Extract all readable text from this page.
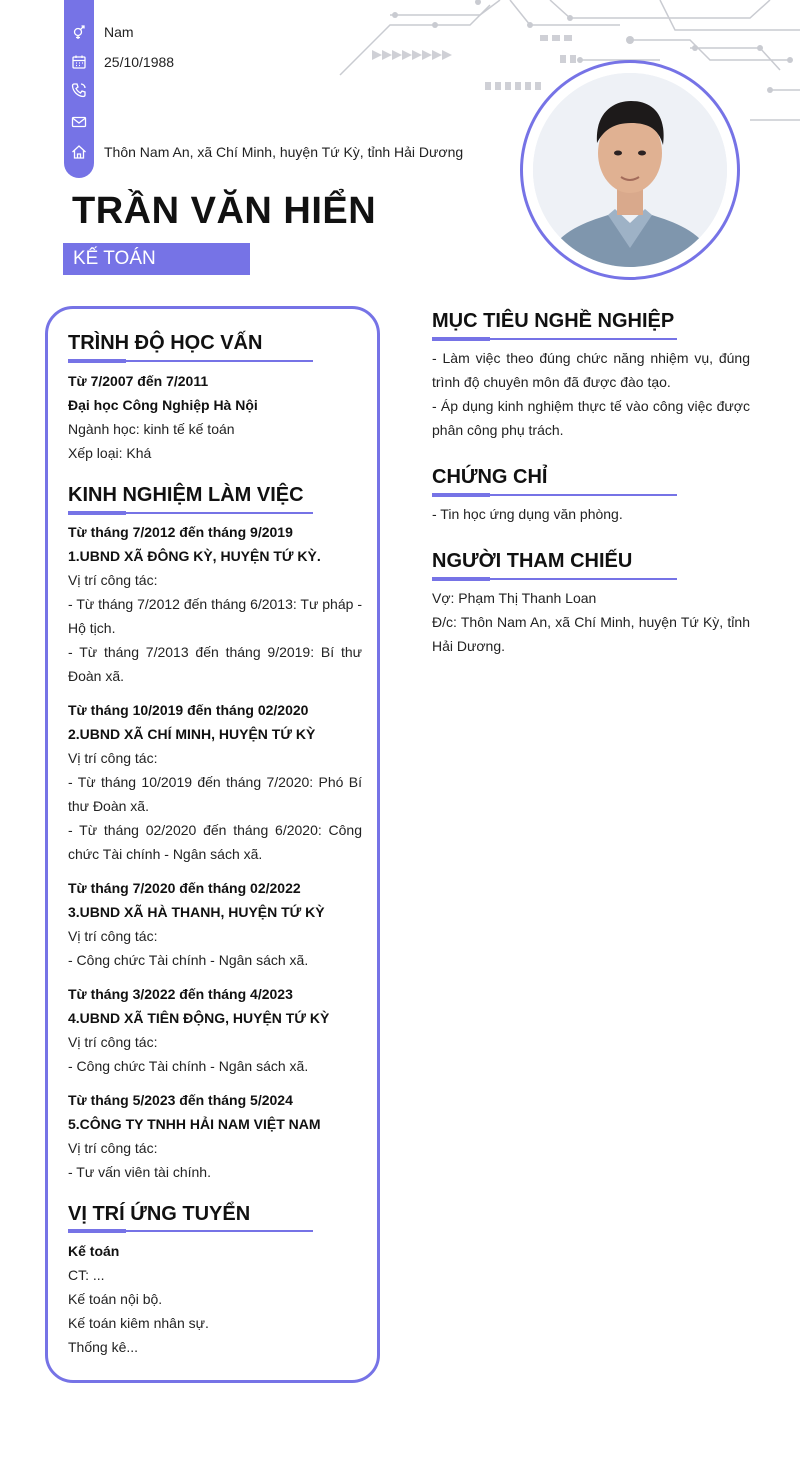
Nam
25/10/1988
Thôn Nam An, xã Chí Minh, huyện Tứ Kỳ, tỉnh Hải Dương
TRẦN VĂN HIỂN
KẾ TOÁN
TRÌNH ĐỘ HỌC VẤN
Từ 7/2007 đến 7/2011
Đại học Công Nghiệp Hà Nội
Ngành học: kinh tế kế toán
Xếp loại: Khá
KINH NGHIỆM LÀM VIỆC
Từ tháng 7/2012 đến tháng 9/2019
1.UBND XÃ ĐÔNG KỲ, HUYỆN TỨ KỲ.
Vị trí công tác:
- Từ tháng 7/2012 đến tháng 6/2013: Tư pháp - Hộ tịch.
- Từ tháng 7/2013 đến tháng 9/2019: Bí thư Đoàn xã.
Từ tháng 10/2019 đến tháng 02/2020
2.UBND XÃ CHÍ MINH, HUYỆN TỨ KỲ
Vị trí công tác:
- Từ tháng 10/2019 đến tháng 7/2020: Phó Bí thư Đoàn xã.
- Từ tháng 02/2020 đến tháng 6/2020: Công chức Tài chính - Ngân sách xã.
Từ tháng 7/2020 đến tháng 02/2022
3.UBND XÃ HÀ THANH, HUYỆN TỨ KỲ
Vị trí công tác:
- Công chức Tài chính - Ngân sách xã.
Từ tháng 3/2022 đến tháng 4/2023
4.UBND XÃ TIÊN ĐỘNG, HUYỆN TỨ KỲ
Vị trí công tác:
- Công chức Tài chính - Ngân sách xã.
Từ tháng 5/2023 đến tháng 5/2024
5.CÔNG TY TNHH HẢI NAM VIỆT NAM
Vị trí công tác:
- Tư vấn viên tài chính.
VỊ TRÍ ỨNG TUYỂN
Kế toán
CT: ...
Kế toán nội bộ.
Kế toán kiêm nhân sự.
Thống kê...
MỤC TIÊU NGHỀ NGHIỆP
- Làm việc theo đúng chức năng nhiệm vụ, đúng trình độ chuyên môn đã được đào tạo.
- Áp dụng kinh nghiệm thực tế vào công việc được phân công phụ trách.
CHỨNG CHỈ
- Tin học ứng dụng văn phòng.
NGƯỜI THAM CHIẾU
Vợ: Phạm Thị Thanh Loan
Đ/c: Thôn Nam An, xã Chí Minh, huyện Tứ Kỳ, tỉnh Hải Dương.
